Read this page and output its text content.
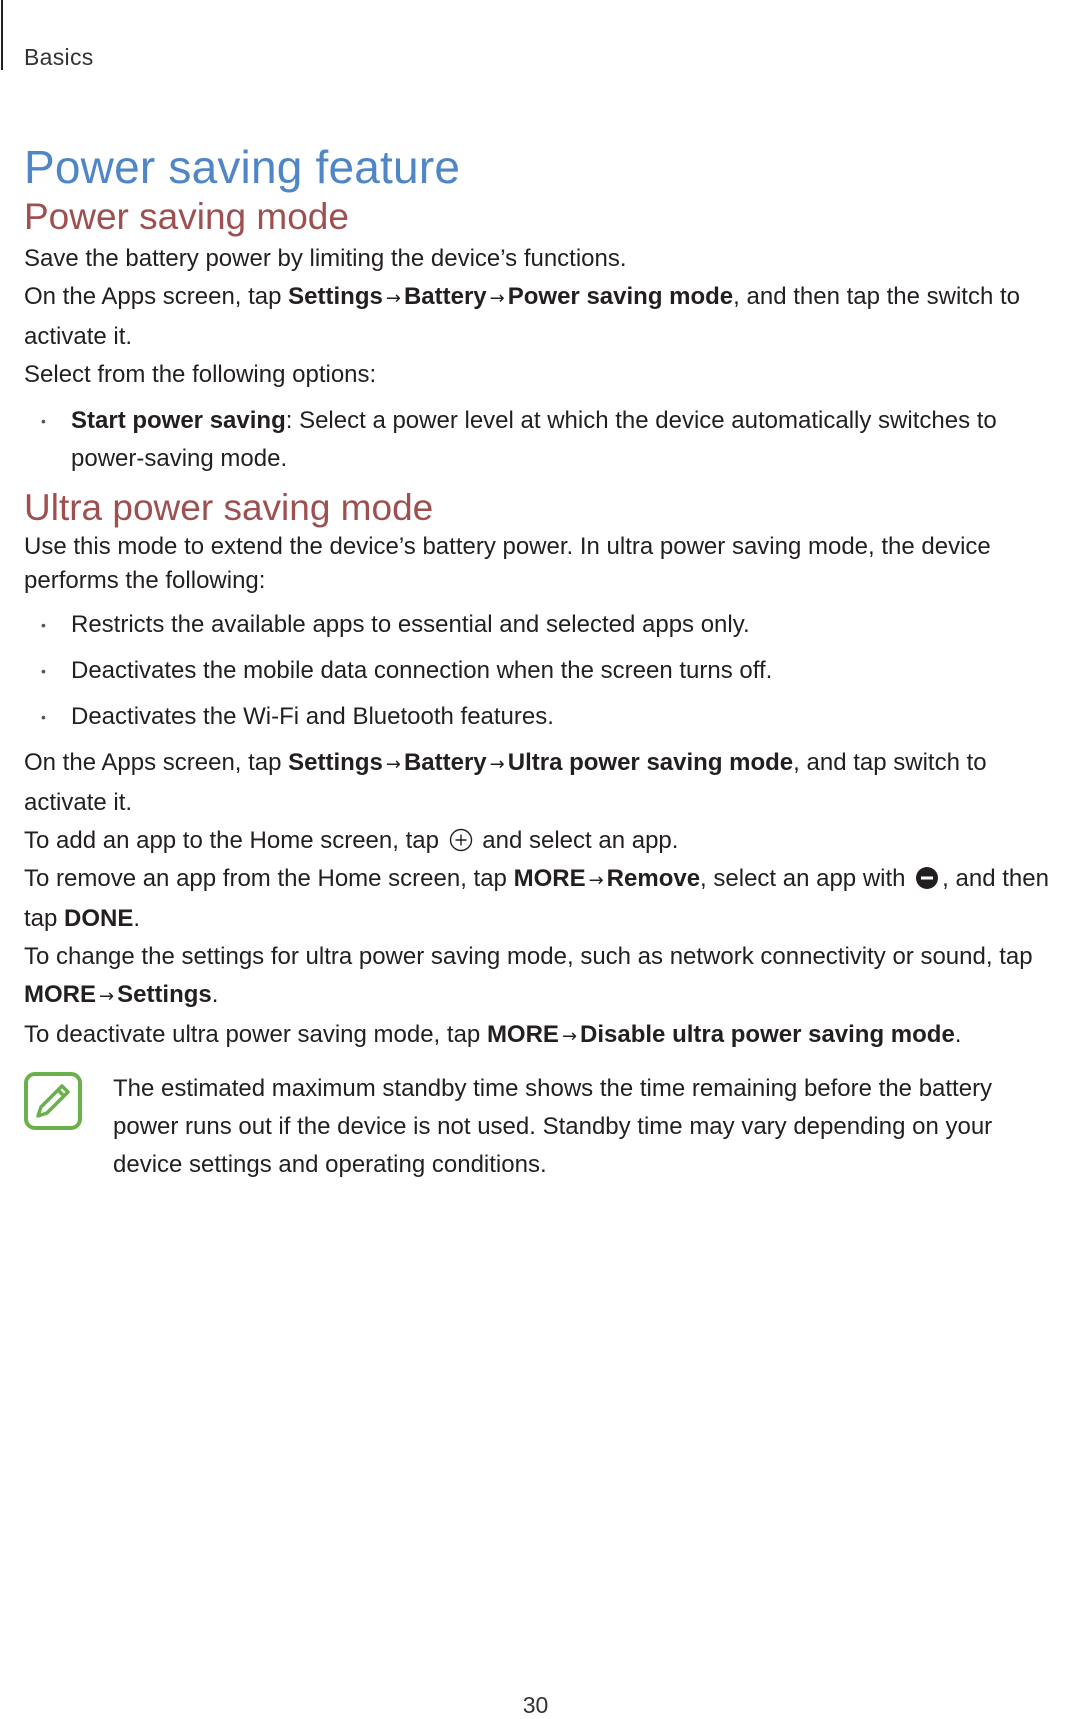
Basics
Power saving feature
Power saving mode

Save the battery power by limiting the device’s functions.

On the Apps screen, tap Settings → Battery → Power saving mode, and then tap the switch to activate it.

Select from the following options:

• Start power saving: Select a power level at which the device automatically switches to power-saving mode.
Ultra power saving mode

Use this mode to extend the device’s battery power. In ultra power saving mode, the device performs the following:

• Restricts the available apps to essential and selected apps only.
• Deactivates the mobile data connection when the screen turns off.
• Deactivates the Wi-Fi and Bluetooth features.

On the Apps screen, tap Settings → Battery → Ultra power saving mode, and tap switch to activate it.

To add an app to the Home screen, tap  and select an app.

To remove an app from the Home screen, tap MORE → Remove, select an app with , and then tap DONE.

To change the settings for ultra power saving mode, such as network connectivity or sound, tap MORE → Settings.

To deactivate ultra power saving mode, tap MORE → Disable ultra power saving mode.

The estimated maximum standby time shows the time remaining before the battery power runs out if the device is not used. Standby time may vary depending on your device settings and operating conditions.

30
